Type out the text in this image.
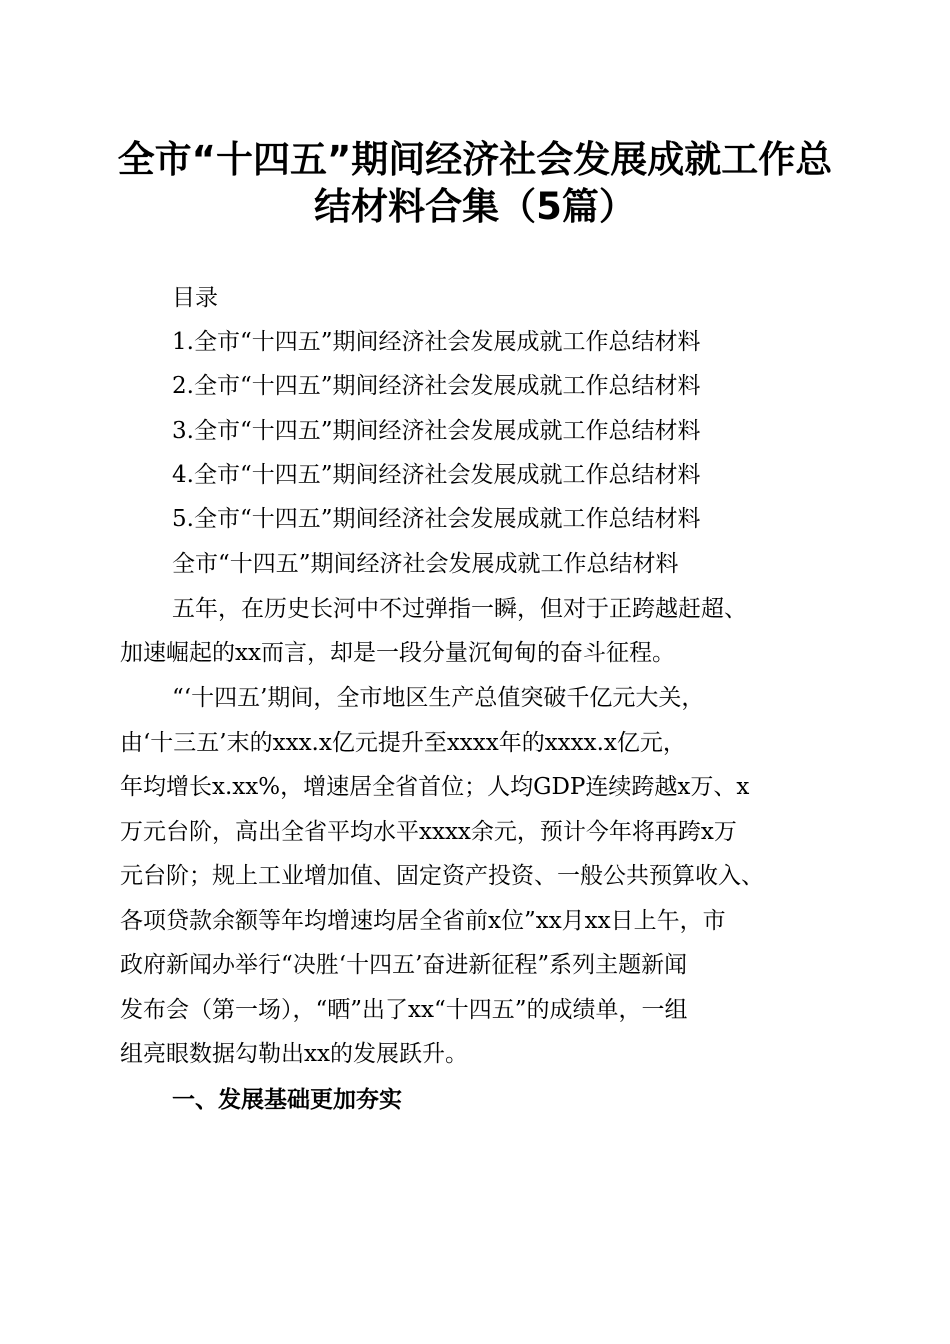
全市“十四五”期间经济社会发展成就工作总
结材料合集（5篇）
目录
1.全市“十四五”期间经济社会发展成就工作总结材料
2.全市“十四五”期间经济社会发展成就工作总结材料
3.全市“十四五”期间经济社会发展成就工作总结材料
4.全市“十四五”期间经济社会发展成就工作总结材料
5.全市“十四五”期间经济社会发展成就工作总结材料
全市“十四五”期间经济社会发展成就工作总结材料
五年，在历史长河中不过弹指一瞬，但对于正跨越赶超、
加速崛起的xx而言，却是一段分量沉甸甸的奋斗征程。
“‘十四五’期间，全市地区生产总值突破千亿元大关，
由‘十三五’末的xxx.x亿元提升至xxxx年的xxxx.x亿元，
年均增长x.xx%，增速居全省首位；人均GDP连续跨越x万、x
万元台阶，高出全省平均水平xxxx余元，预计今年将再跨x万
元台阶；规上工业增加值、固定资产投资、一般公共预算收入、
各项贷款余额等年均增速均居全省前x位”xx月xx日上午，市
政府新闻办举行“决胜‘十四五’奋进新征程”系列主题新闻
发布会（第一场），“晒”出了xx“十四五”的成绩单，一组
组亮眼数据勾勒出xx的发展跃升。
一、发展基础更加夯实
